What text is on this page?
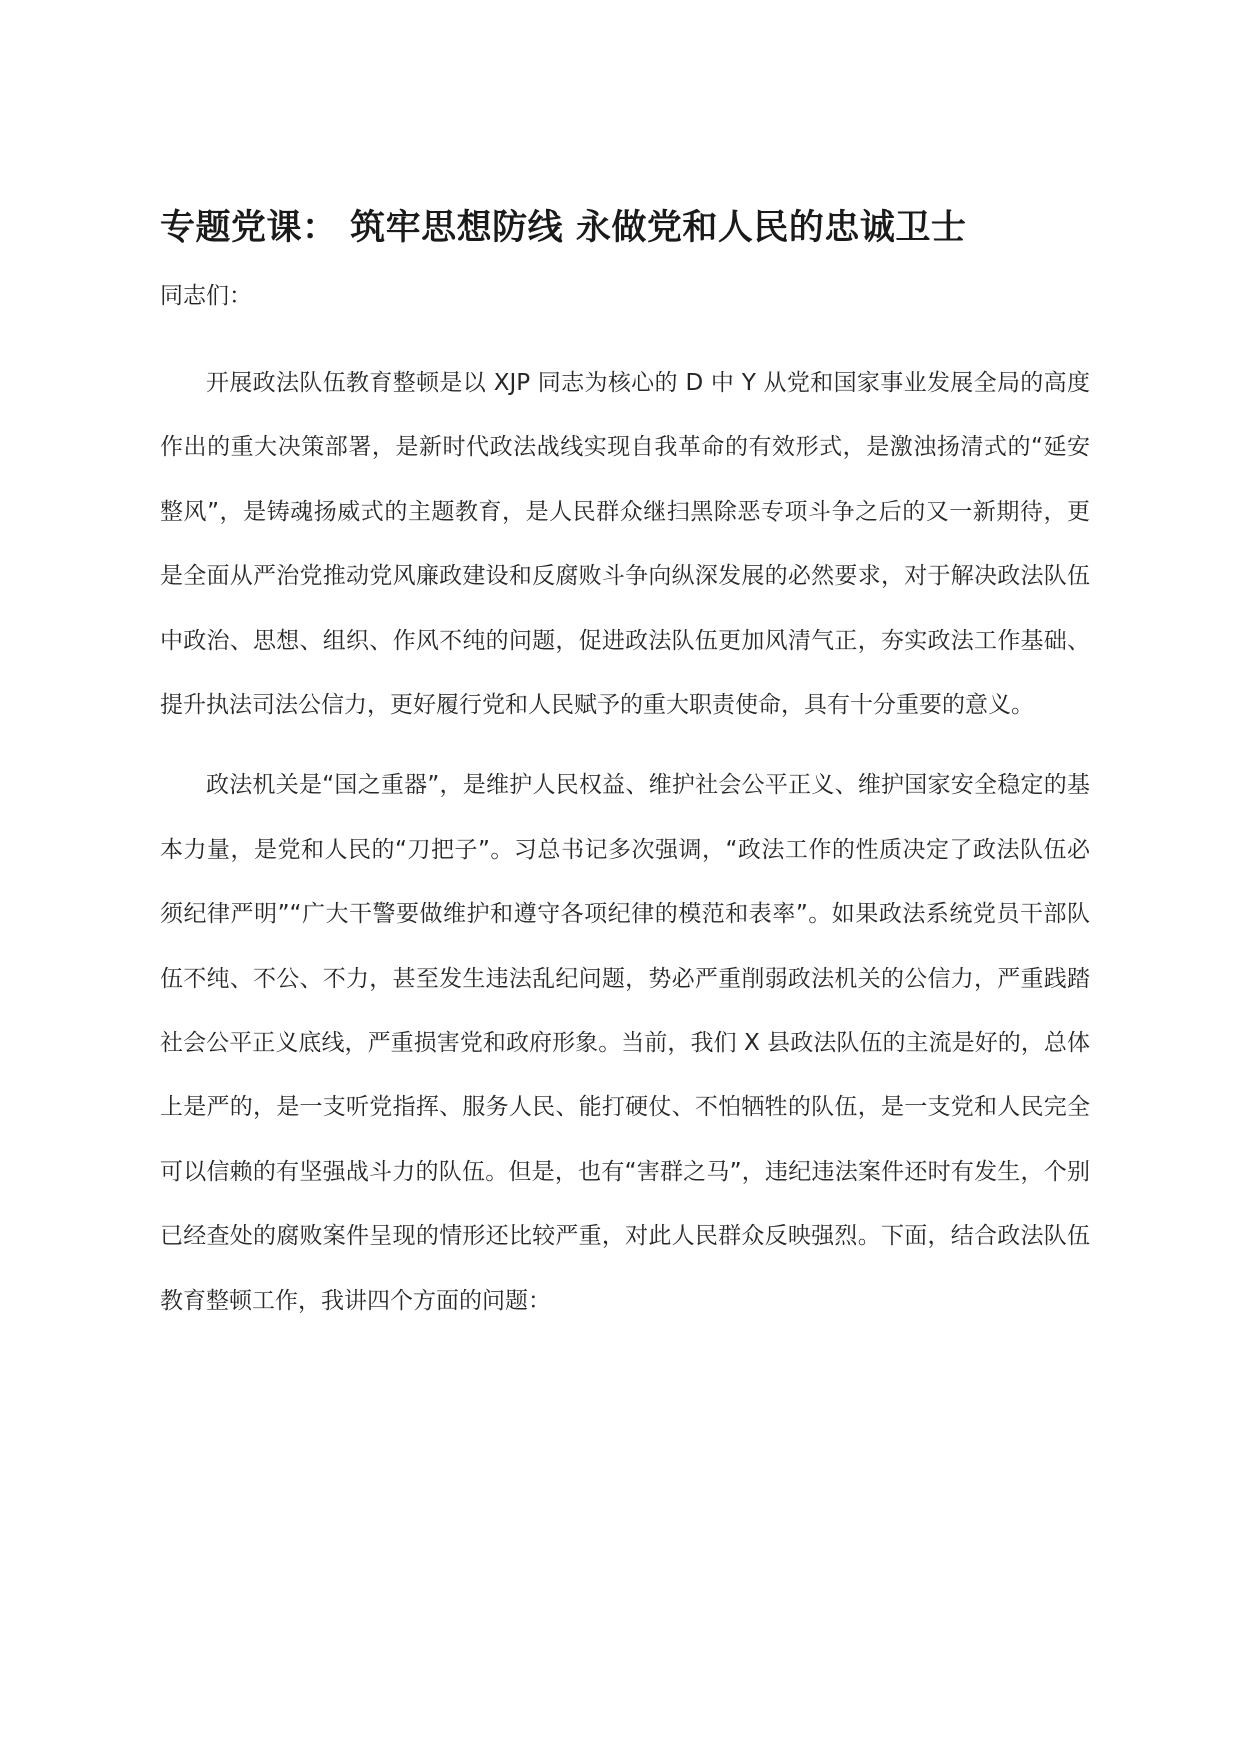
专题党课： 筑牢思想防线 永做党和人民的忠诚卫士

同志们：

开展政法队伍教育整顿是以 XJP 同志为核心的 D 中 Y 从党和国家事业发展全局的高度作出的重大决策部署，是新时代政法战线实现自我革命的有效形式，是激浊扬清式的“延安整风”，是铸魂扬威式的主题教育，是人民群众继扫黑除恶专项斗争之后的又一新期待，更是全面从严治党推动党风廉政建设和反腐败斗争向纵深发展的必然要求，对于解决政法队伍中政治、思想、组织、作风不纯的问题，促进政法队伍更加风清气正，夯实政法工作基础、提升执法司法公信力，更好履行党和人民赋予的重大职责使命，具有十分重要的意义。

政法机关是“国之重器”，是维护人民权益、维护社会公平正义、维护国家安全稳定的基本力量，是党和人民的“刀把子”。习总书记多次强调，“政法工作的性质决定了政法队伍必须纪律严明”“广大干警要做维护和遵守各项纪律的模范和表率”。如果政法系统党员干部队伍不纯、不公、不力，甚至发生违法乱纪问题，势必严重削弱政法机关的公信力，严重践踏社会公平正义底线，严重损害党和政府形象。当前，我们 X 县政法队伍的主流是好的，总体上是严的，是一支听党指挥、服务人民、能打硬仗、不怕牺牲的队伍，是一支党和人民完全可以信赖的有坚强战斗力的队伍。但是，也有“害群之马”，违纪违法案件还时有发生，个别已经查处的腐败案件呈现的情形还比较严重，对此人民群众反映强烈。下面，结合政法队伍教育整顿工作，我讲四个方面的问题：
